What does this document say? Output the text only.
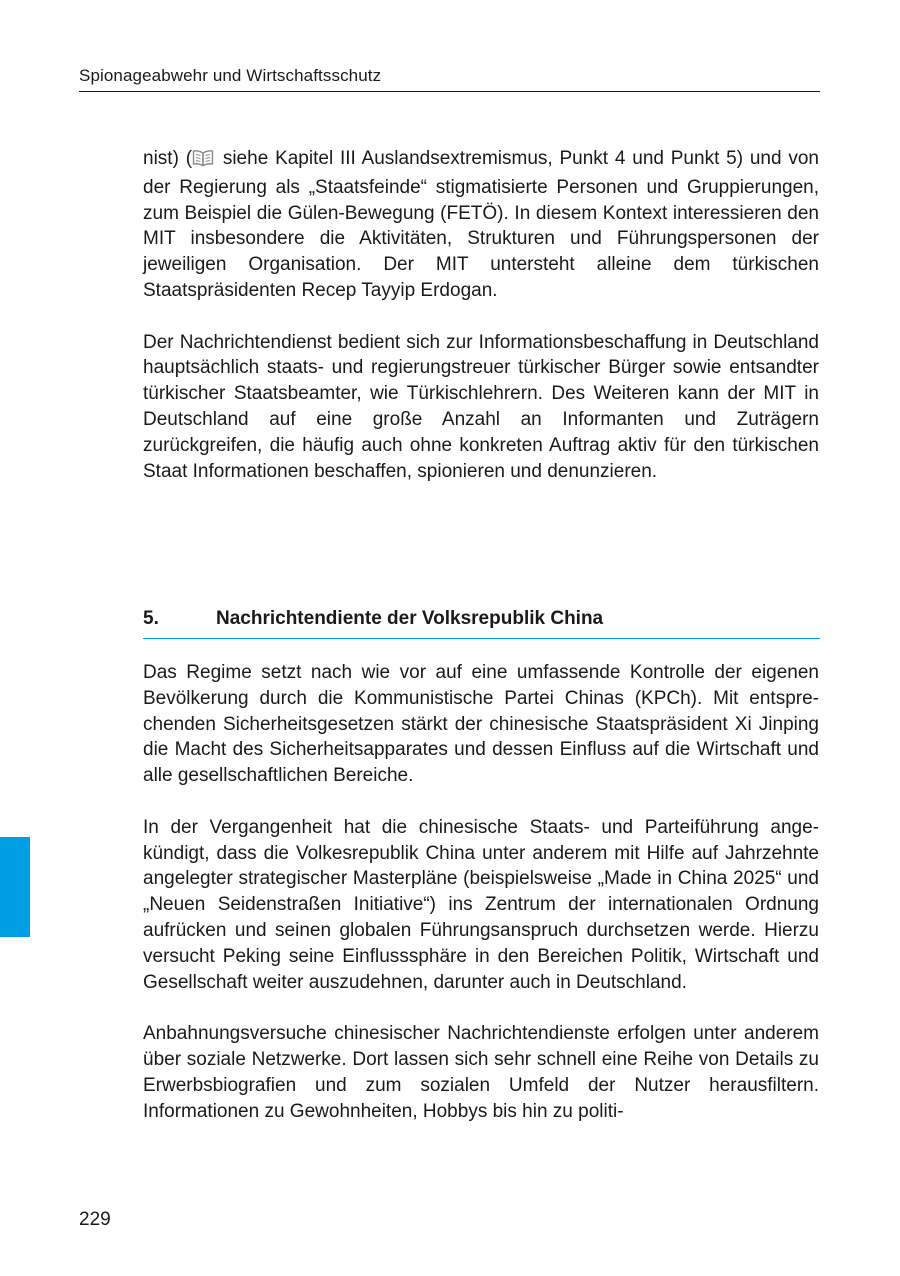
Spionageabwehr und Wirtschaftsschutz

nist) ( siehe Kapitel III Auslandsextremismus, Punkt 4 und Punkt 5) und von der Regierung als „Staatsfeinde“ stigmatisierte Personen und Gruppierungen, zum Beispiel die Gülen-Bewegung (FETÖ). In diesem Kontext interessieren den MIT insbesondere die Aktivitäten, Strukturen und Führungspersonen der jeweiligen Organisation. Der MIT untersteht alleine dem türkischen Staatspräsidenten Recep Tayyip Erdogan.

Der Nachrichtendienst bedient sich zur Informationsbeschaffung in Deutschland hauptsächlich staats- und regierungstreuer türkischer Bürger sowie entsandter türkischer Staatsbeamter, wie Türkischlehrern. Des Weiteren kann der MIT in Deutschland auf eine große Anzahl an Informanten und Zuträgern zurückgreifen, die häufig auch ohne konkreten Auftrag aktiv für den türkischen Staat Informationen beschaffen, spionieren und denunzieren.

5.	Nachrichtendiente der Volksrepublik China

Das Regime setzt nach wie vor auf eine umfassende Kontrolle der eigenen Bevölkerung durch die Kommunistische Partei Chinas (KPCh). Mit entsprechenden Sicherheitsgesetzen stärkt der chinesische Staatspräsident Xi Jinping die Macht des Sicherheitsapparates und dessen Einfluss auf die Wirtschaft und alle gesellschaftlichen Bereiche.

In der Vergangenheit hat die chinesische Staats- und Parteiführung angekündigt, dass die Volkesrepublik China unter anderem mit Hilfe auf Jahrzehnte angelegter strategischer Masterpläne (beispielsweise „Made in China 2025“ und „Neuen Seidenstraßen Initiative“) ins Zentrum der internationalen Ordnung aufrücken und seinen globalen Führungsanspruch durchsetzen werde. Hierzu versucht Peking seine Einflusssphäre in den Bereichen Politik, Wirtschaft und Gesellschaft weiter auszudehnen, darunter auch in Deutschland.

Anbahnungsversuche chinesischer Nachrichtendienste erfolgen unter anderem über soziale Netzwerke. Dort lassen sich sehr schnell eine Reihe von Details zu Erwerbsbiografien und zum sozialen Umfeld der Nutzer herausfiltern. Informationen zu Gewohnheiten, Hobbys bis hin zu politi-

229
